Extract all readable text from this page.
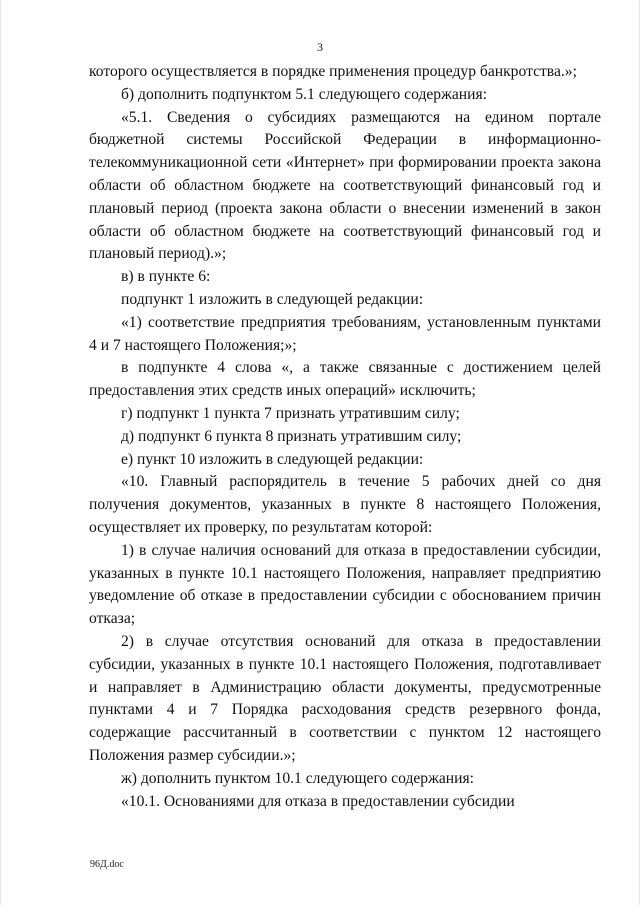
3

которого осуществляется в порядке применения процедур банкротства.»;

б) дополнить подпунктом 5.1 следующего содержания:

«5.1. Сведения о субсидиях размещаются на едином портале бюджетной системы Российской Федерации в информационно-телекоммуникационной сети «Интернет» при формировании проекта закона области об областном бюджете на соответствующий финансовый год и плановый период (проекта закона области о внесении изменений в закон области об областном бюджете на соответствующий финансовый год и плановый период).»;

в) в пункте 6:

подпункт 1 изложить в следующей редакции:

«1) соответствие предприятия требованиям, установленным пунктами 4 и 7 настоящего Положения;»;

в подпункте 4 слова «, а также связанные с достижением целей предоставления этих средств иных операций» исключить;

г) подпункт 1 пункта 7 признать утратившим силу;

д) подпункт 6 пункта 8 признать утратившим силу;

е) пункт 10 изложить в следующей редакции:

«10. Главный распорядитель в течение 5 рабочих дней со дня получения документов, указанных в пункте 8 настоящего Положения, осуществляет их проверку, по результатам которой:

1) в случае наличия оснований для отказа в предоставлении субсидии, указанных в пункте 10.1 настоящего Положения, направляет предприятию уведомление об отказе в предоставлении субсидии с обоснованием причин отказа;

2) в случае отсутствия оснований для отказа в предоставлении субсидии, указанных в пункте 10.1 настоящего Положения, подготавливает и направляет в Администрацию области документы, предусмотренные пунктами 4 и 7 Порядка расходования средств резервного фонда, содержащие рассчитанный в соответствии с пунктом 12 настоящего Положения размер субсидии.»;

ж) дополнить пунктом 10.1 следующего содержания:

«10.1. Основаниями для отказа в предоставлении субсидии

96Д.doc
